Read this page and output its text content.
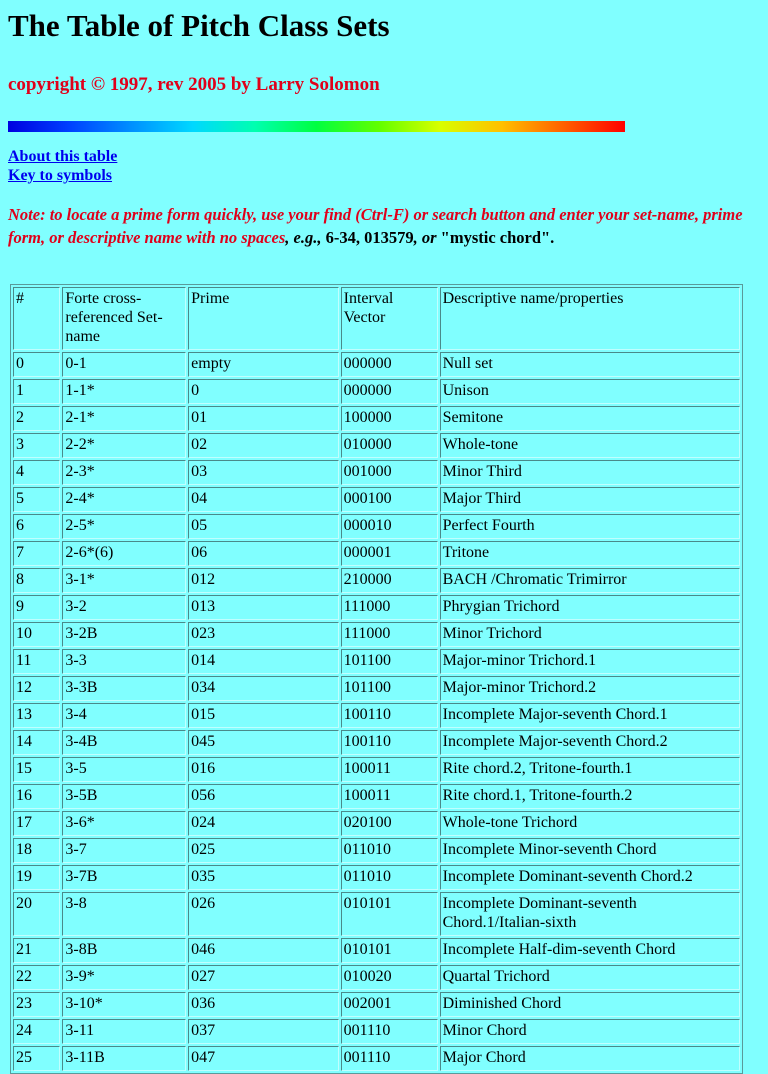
The Table of Pitch Class Sets

copyright © 1997, rev 2005 by Larry Solomon

About this table
Key to symbols

Note: to locate a prime form quickly, use your find (Ctrl-F) or search button and enter your set-name, prime form, or descriptive name with no spaces, e.g., 6-34, 013579, or "mystic chord".

#	Forte cross-referenced Set-name	Prime	Interval Vector	Descriptive name/properties
0	0-1	empty	000000	Null set
1	1-1*	0	000000	Unison
2	2-1*	01	100000	Semitone
3	2-2*	02	010000	Whole-tone
4	2-3*	03	001000	Minor Third
5	2-4*	04	000100	Major Third
6	2-5*	05	000010	Perfect Fourth
7	2-6*(6)	06	000001	Tritone
8	3-1*	012	210000	BACH /Chromatic Trimirror
9	3-2	013	111000	Phrygian Trichord
10	3-2B	023	111000	Minor Trichord
11	3-3	014	101100	Major-minor Trichord.1
12	3-3B	034	101100	Major-minor Trichord.2
13	3-4	015	100110	Incomplete Major-seventh Chord.1
14	3-4B	045	100110	Incomplete Major-seventh Chord.2
15	3-5	016	100011	Rite chord.2, Tritone-fourth.1
16	3-5B	056	100011	Rite chord.1, Tritone-fourth.2
17	3-6*	024	020100	Whole-tone Trichord
18	3-7	025	011010	Incomplete Minor-seventh Chord
19	3-7B	035	011010	Incomplete Dominant-seventh Chord.2
20	3-8	026	010101	Incomplete Dominant-seventh Chord.1/Italian-sixth
21	3-8B	046	010101	Incomplete Half-dim-seventh Chord
22	3-9*	027	010020	Quartal Trichord
23	3-10*	036	002001	Diminished Chord
24	3-11	037	001110	Minor Chord
25	3-11B	047	001110	Major Chord
